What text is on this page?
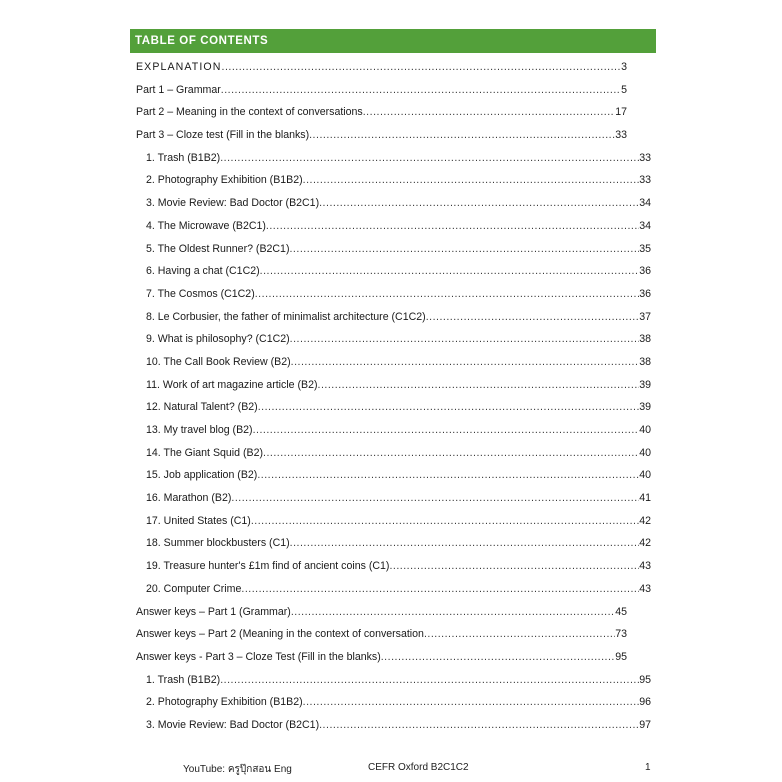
TABLE OF CONTENTS
EXPLANATION .....	3
Part 1 – Grammar .....	5
Part 2 – Meaning in the context of conversations .....	17
Part 3 – Cloze test (Fill in the blanks) .....	33
1. Trash (B1B2) .....	33
2. Photography Exhibition (B1B2) .....	33
3. Movie Review: Bad Doctor (B2C1) .....	34
4. The Microwave (B2C1) .....	34
5. The Oldest Runner? (B2C1) .....	35
6. Having a chat (C1C2) .....	36
7. The Cosmos (C1C2) .....	36
8. Le Corbusier, the father of minimalist architecture (C1C2) .....	37
9. What is philosophy? (C1C2) .....	38
10. The Call Book Review (B2) .....	38
11. Work of art magazine article (B2) .....	39
12. Natural Talent? (B2) .....	39
13. My travel blog (B2) .....	40
14. The Giant Squid (B2) .....	40
15. Job application (B2) .....	40
16. Marathon (B2) .....	41
17. United States (C1) .....	42
18. Summer blockbusters (C1) .....	42
19. Treasure hunter's £1m find of ancient coins (C1) .....	43
20. Computer Crime .....	43
Answer keys – Part 1 (Grammar) .....	45
Answer keys – Part 2 (Meaning in the context of conversation .....	73
Answer keys - Part 3 – Cloze Test (Fill in the blanks) .....	95
1. Trash (B1B2) .....	95
2. Photography Exhibition (B1B2) .....	96
3. Movie Review: Bad Doctor (B2C1) .....	97
YouTube: ครูปุ๊กสอน Eng	CEFR Oxford B2C1C2	1
